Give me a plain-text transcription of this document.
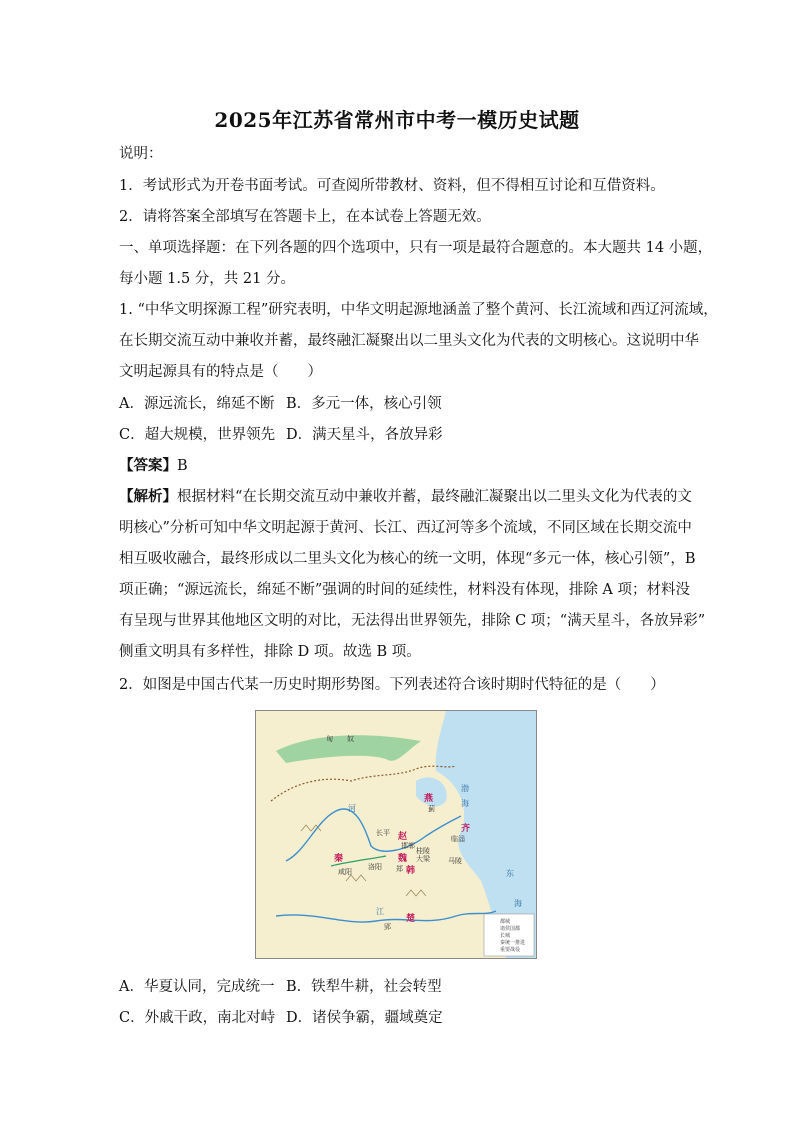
2025年江苏省常州市中考一模历史试题
说明：
1．考试形式为开卷书面考试。可查阅所带教材、资料，但不得相互讨论和互借资料。
2．请将答案全部填写在答题卡上，在本试卷上答题无效。
一、单项选择题：在下列各题的四个选项中，只有一项是最符合题意的。本大题共 14 小题，
每小题 1.5 分，共 21 分。
1. “中华文明探源工程”研究表明，中华文明起源地涵盖了整个黄河、长江流域和西辽河流域，
在长期交流互动中兼收并蓄，最终融汇凝聚出以二里头文化为代表的文明核心。这说明中华
文明起源具有的特点是（　　）
A．源远流长，绵延不断 B．多元一体，核心引领
C．超大规模，世界领先 D．满天星斗，各放异彩
【答案】B
【解析】根据材料“在长期交流互动中兼收并蓄，最终融汇凝聚出以二里头文化为代表的文
明核心”分析可知中华文明起源于黄河、长江、西辽河等多个流域，不同区域在长期交流中
相互吸收融合，最终形成以二里头文化为核心的统一文明，体现“多元一体，核心引领”，B
项正确；“源远流长，绵延不断”强调的时间的延续性，材料没有体现，排除 A 项；材料没
有呈现与世界其他地区文明的对比，无法得出世界领先，排除 C 项；“满天星斗，各放异彩”
侧重文明具有多样性，排除 D 项。故选 B 项。
2．如图是中国古代某一历史时期形势图。下列表述符合该时期时代特征的是（　　）
匈　　奴
燕
赵
齐
秦	魏
韩
楚
蓟
邯郸
临淄
长平
桂陵
大梁	马陵
咸阳
洛阳
郢
郑
渤
海
东
海
河
江
都城
诸侯国都
长城
秦统一推进
重要战役
A．华夏认同，完成统一 B．铁犁牛耕，社会转型
C．外戚干政，南北对峙 D．诸侯争霸，疆域奠定
